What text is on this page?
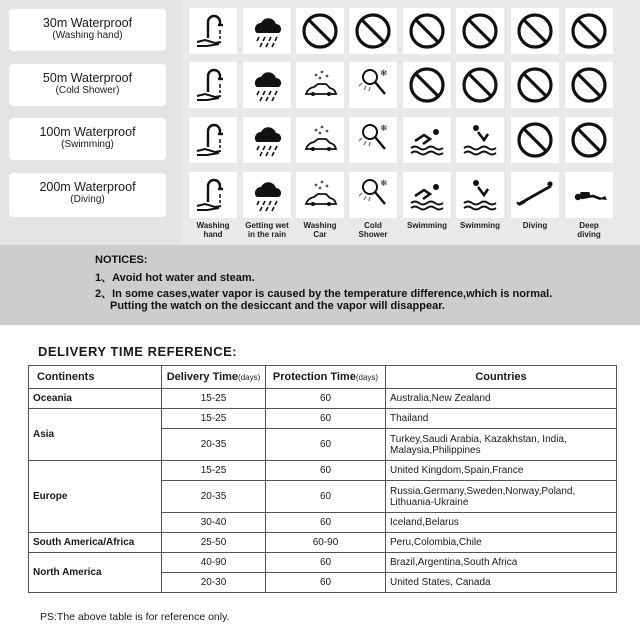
30m Waterproof
(Washing hand)
50m Waterproof
(Cold Shower)
100m Waterproof
(Swimming)
200m Waterproof
(Diving)
❄
❄
❄
Washing
hand
Getting wet
in the rain
Washing
Car
Cold
Shower
Swimming	Swimming	Diving	Deep
diving
NOTICES:
1、Avoid hot water and steam.
2、In some cases,water vapor is caused by the temperature difference,which is normal.
Putting the watch on the desiccant and the vapor will disappear.
DELIVERY TIME REFERENCE:
Continents	Delivery Time(days)	Protection Time(days)	Countries
Oceania	15-25	60	Australia,New Zealand
Asia	15-25	60	Thailand
	20-35	60	Turkey,Saudi Arabia, Kazakhstan, India, Malaysia,Philippines
Europe	15-25	60	United Kingdom,Spain,France
	20-35	60	Russia,Germany,Sweden,Norway,Poland, Lithuania-Ukraine
	30-40	60	Iceland,Belarus
South America/Africa	25-50	60-90	Peru,Colombia,Chile
North America	40-90	60	Brazil,Argentina,South Africa
	20-30	60	United States, Canada
PS:The above table is for reference only.
